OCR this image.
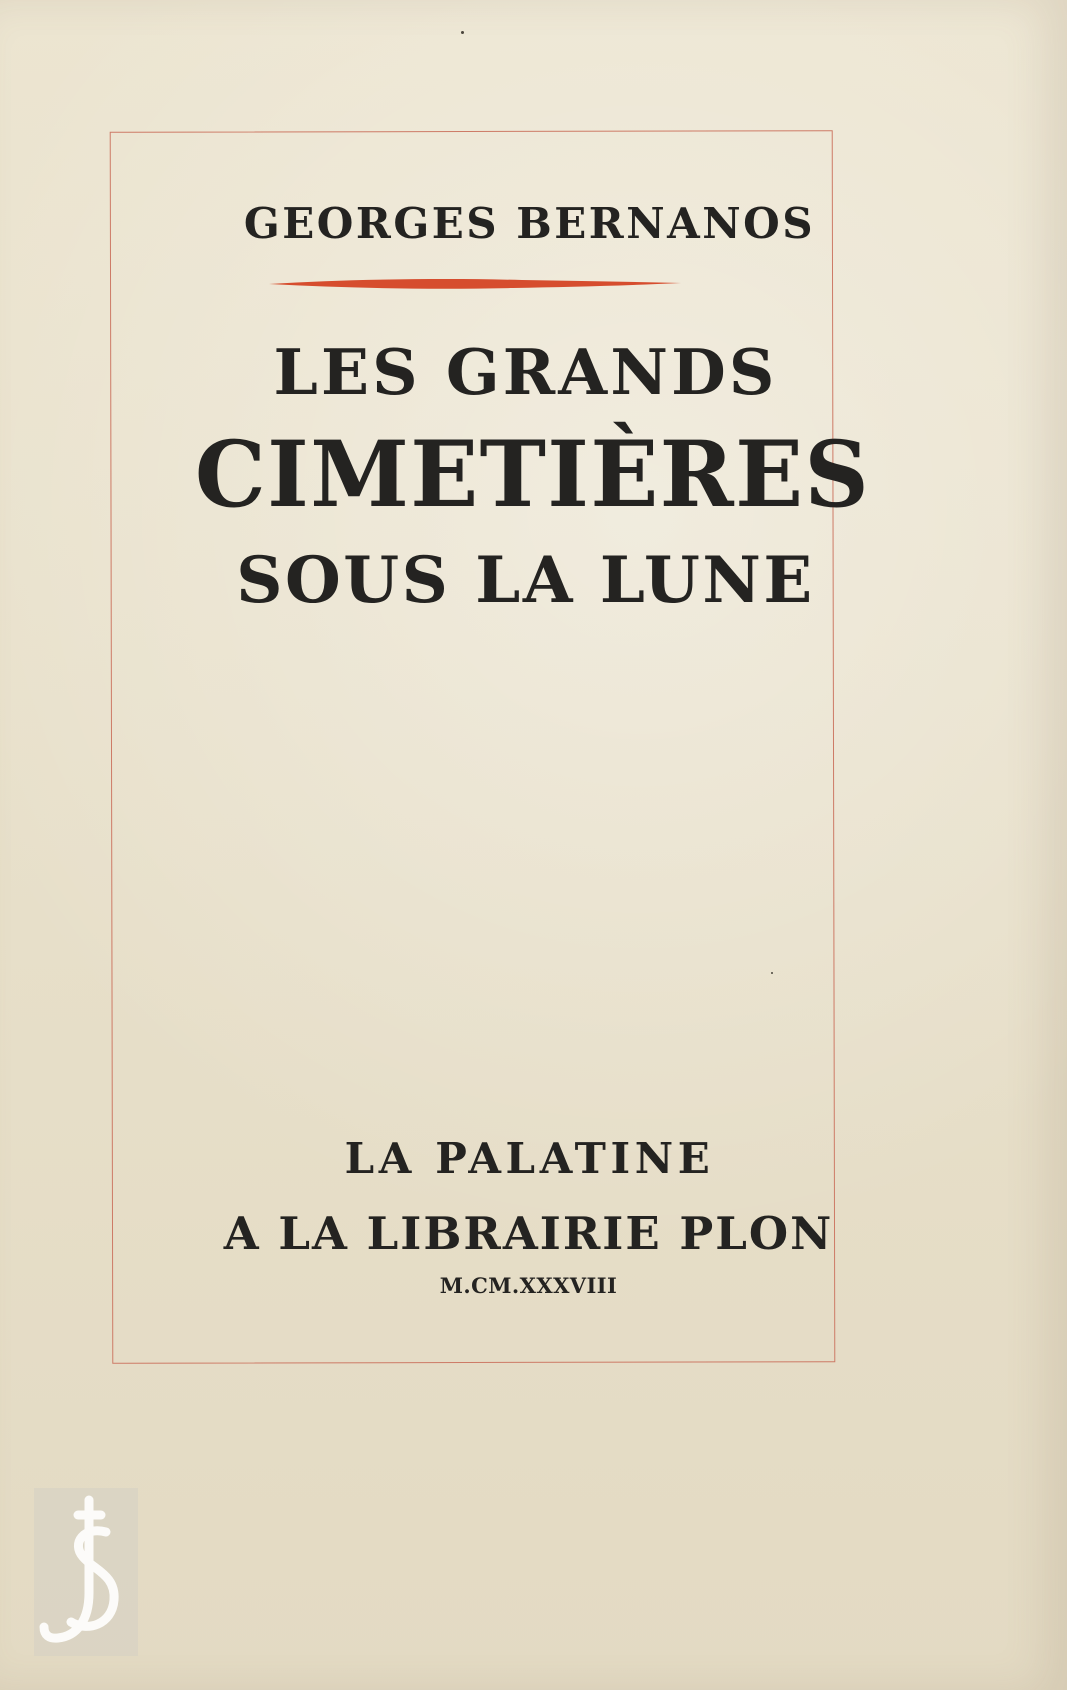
GEORGES BERNANOS
LES GRANDS
CIMETIÈRES
SOUS LA LUNE
LA PALATINE
A LA LIBRAIRIE PLON
M.CM.XXXVIII
